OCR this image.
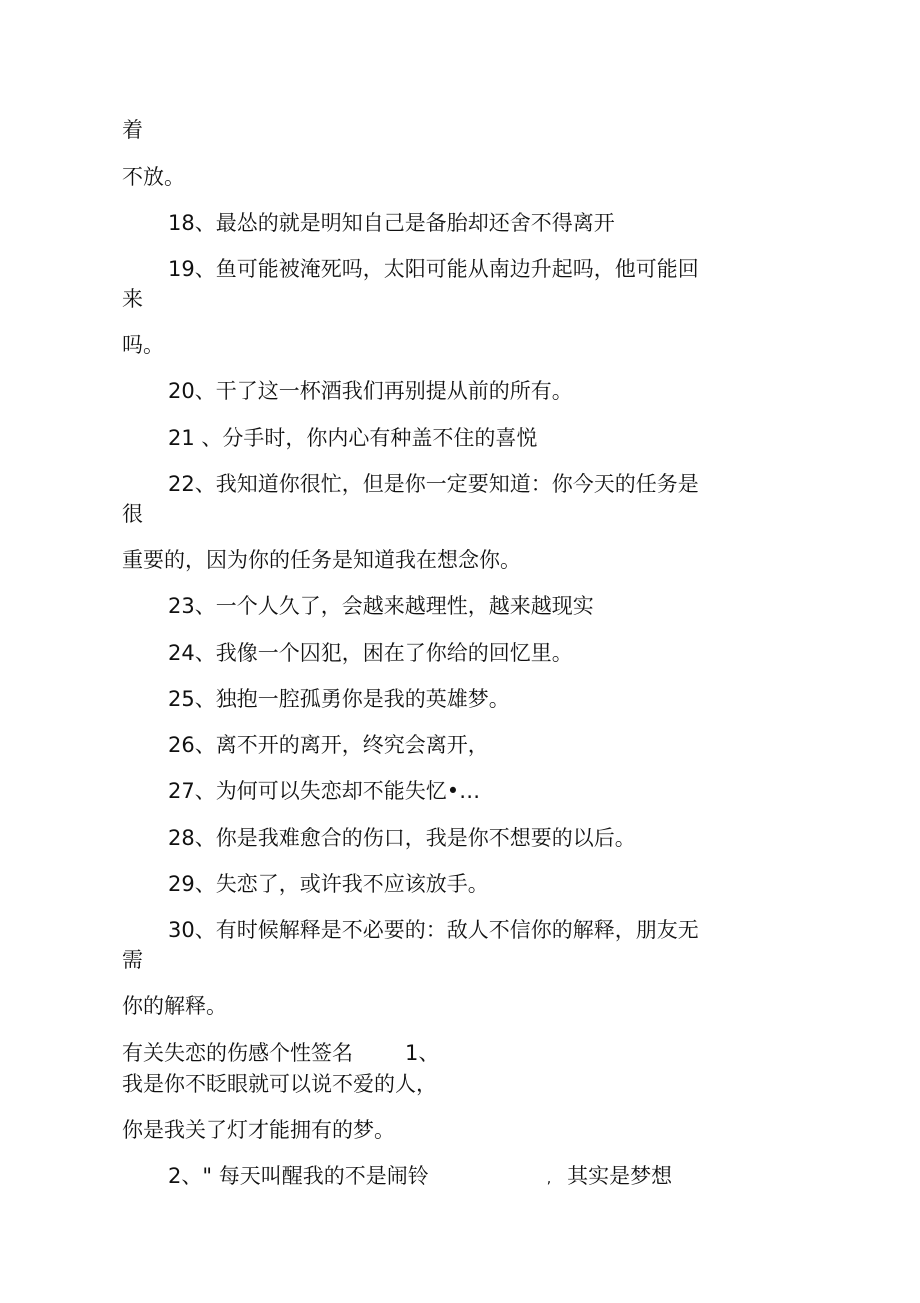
着
不放。
18、最怂的就是明知自己是备胎却还舍不得离开
19、鱼可能被淹死吗，太阳可能从南边升起吗，他可能回
来
吗。
20、干了这一杯酒我们再别提从前的所有。
21 、分手时，你内心有种盖不住的喜悦
22、我知道你很忙，但是你一定要知道：你今天的任务是
很
重要的，因为你的任务是知道我在想念你。
23、一个人久了，会越来越理性，越来越现实
24、我像一个囚犯，困在了你给的回忆里。
25、独抱一腔孤勇你是我的英雄梦。
26、离不开的离开，终究会离开，
27、为何可以失恋却不能失忆•…
28、你是我难愈合的伤口，我是你不想要的以后。
29、失恋了，或许我不应该放手。
30、有时候解释是不必要的：敌人不信你的解释，朋友无
需
你的解释。
有关失恋的伤感个性签名 1、
我是你不眨眼就可以说不爱的人，
你是我关了灯才能拥有的梦。
2、" 每天叫醒我的不是闹铃	, 其实是梦想
